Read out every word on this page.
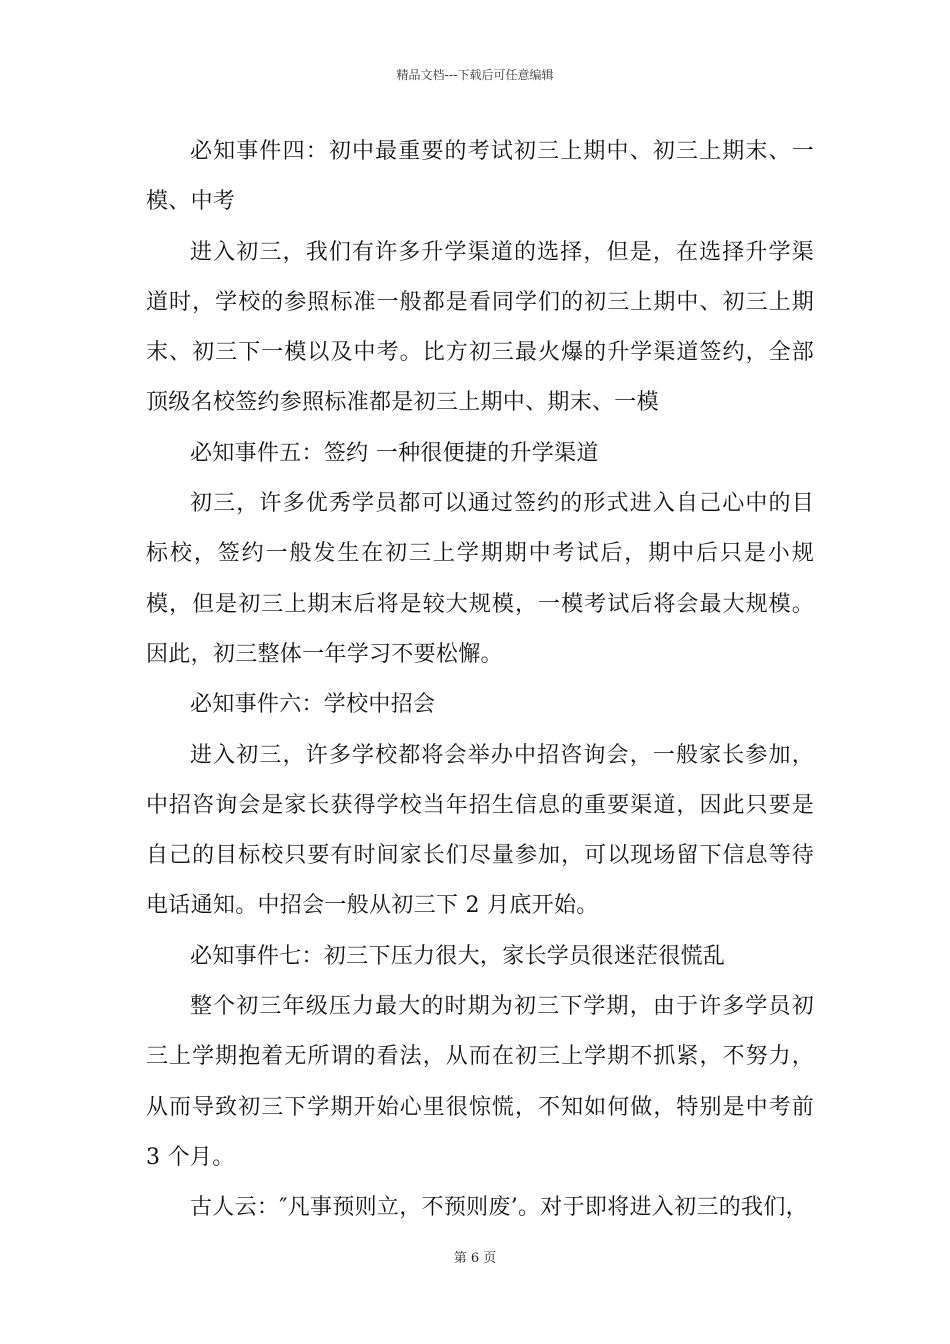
精品文档---下载后可任意编辑

必知事件四：初中最重要的考试初三上期中、初三上期末、一模、中考

进入初三，我们有许多升学渠道的选择，但是，在选择升学渠道时，学校的参照标准一般都是看同学们的初三上期中、初三上期末、初三下一模以及中考。比方初三最火爆的升学渠道签约，全部顶级名校签约参照标准都是初三上期中、期末、一模

必知事件五：签约 一种很便捷的升学渠道

初三，许多优秀学员都可以通过签约的形式进入自己心中的目标校，签约一般发生在初三上学期期中考试后，期中后只是小规模，但是初三上期末后将是较大规模，一模考试后将会最大规模。因此，初三整体一年学习不要松懈。

必知事件六：学校中招会

进入初三，许多学校都将会举办中招咨询会，一般家长参加，中招咨询会是家长获得学校当年招生信息的重要渠道，因此只要是自己的目标校只要有时间家长们尽量参加，可以现场留下信息等待电话通知。中招会一般从初三下 2 月底开始。

必知事件七：初三下压力很大，家长学员很迷茫很慌乱

整个初三年级压力最大的时期为初三下学期，由于许多学员初三上学期抱着无所谓的看法，从而在初三上学期不抓紧，不努力，从而导致初三下学期开始心里很惊慌，不知如何做，特别是中考前 3 个月。

古人云：″凡事预则立，不预则废’。对于即将进入初三的我们，

第 6 页
